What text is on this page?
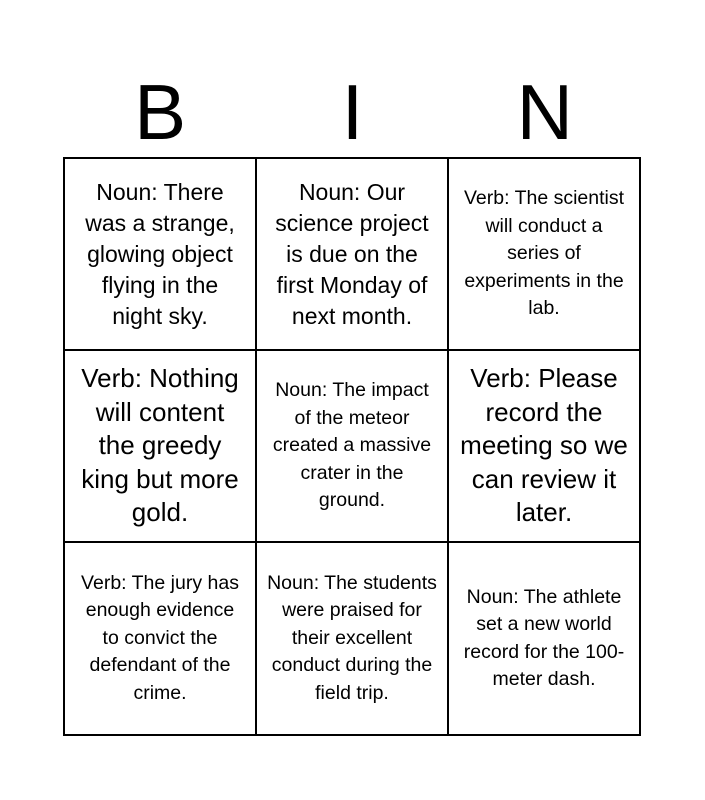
B	I	N
Noun: There was a strange, glowing object flying in the night sky.
Noun: Our science project is due on the first Monday of next month.
Verb: The scientist will conduct a series of experiments in the lab.
Verb: Nothing will content the greedy king but more gold.
Noun: The impact of the meteor created a massive crater in the ground.
Verb: Please record the meeting so we can review it later.
Verb: The jury has enough evidence to convict the defendant of the crime.
Noun: The students were praised for their excellent conduct during the field trip.
Noun: The athlete set a new world record for the 100-meter dash.
